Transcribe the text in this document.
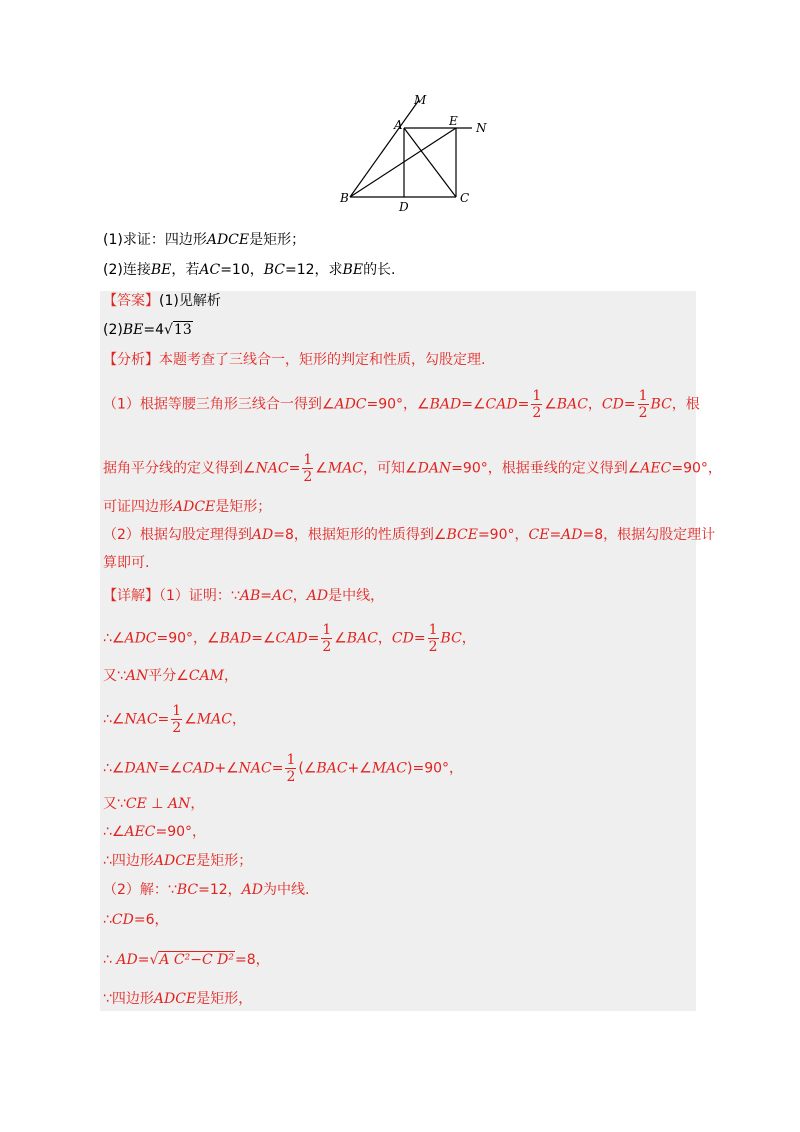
M
A	E N
B
D
C
(1)求证：四边形ADCE是矩形；
(2)连接BE，若AC=10，BC=12，求BE的长.
【答案】(1)见解析
(2)BE=4√13
【分析】本题考查了三线合一，矩形的判定和性质，勾股定理.
（1）根据等腰三角形三线合一得到∠ADC=90°，∠BAD=∠CAD= $\frac{1}{2}$ ∠BAC，$CD= \frac{1}{2}$ BC，根
据角平分线的定义得到∠NAC= $\frac{1}{2}$ ∠MAC，可知∠DAN=90°，根据垂线的定义得到∠AEC=90°，
可证四边形ADCE是矩形；
（2）根据勾股定理得到AD=8，根据矩形的性质得到∠BCE=90°，CE=AD=8，根据勾股定理计
算即可.
【详解】（1）证明：∵AB=AC，AD是中线，
∴∠ADC=90°，∠BAD=∠CAD= $\frac{1}{2}$ ∠BAC，$CD= \frac{1}{2}$ BC，
又∵AN平分∠CAM，
∴∠NAC= $\frac{1}{2}$ ∠MAC，
∴∠DAN=∠CAD+∠NAC= $\frac{1}{2}$ (∠BAC+∠MAC)=90°，
又∵CE ⊥ AN，
∴∠AEC=90°，
∴四边形ADCE是矩形；
（2）解：∵BC=12，AD为中线.
∴CD=6，
∴ AD=√A C²−C D²=8，
∵四边形ADCE是矩形，
